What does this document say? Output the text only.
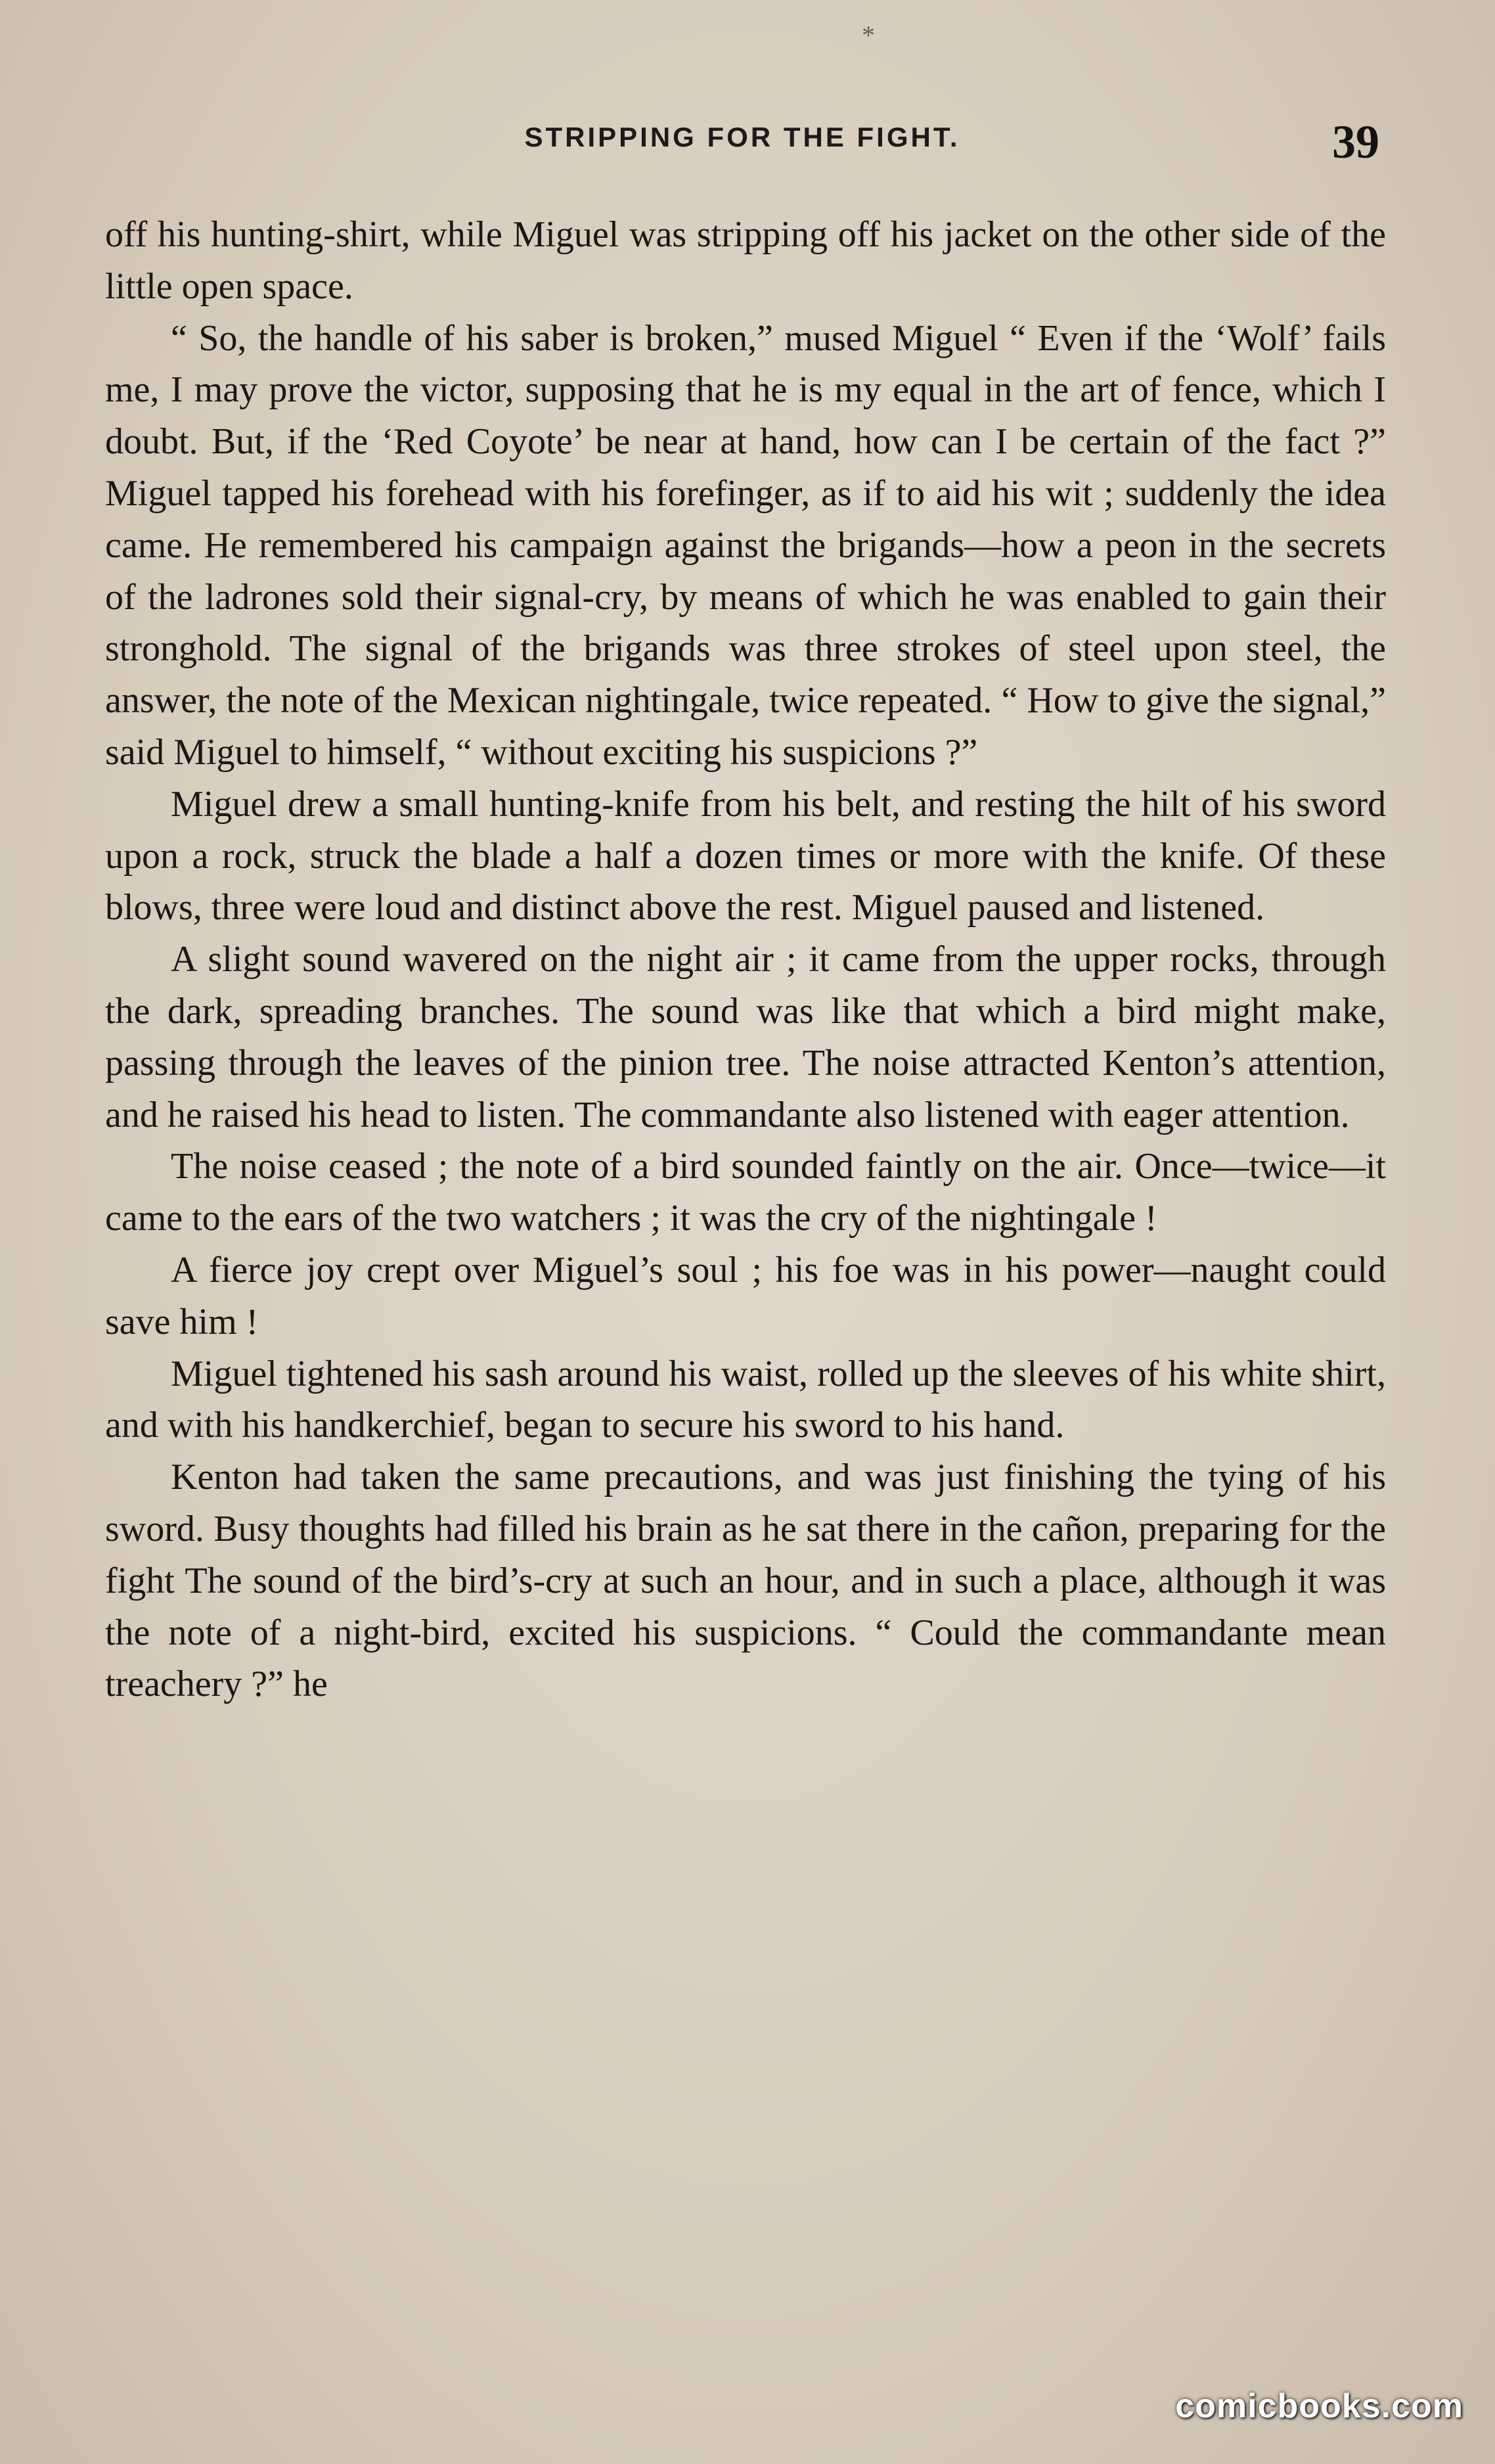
*
STRIPPING FOR THE FIGHT.	39

off his hunting-shirt, while Miguel was stripping off his jacket on the other side of the little open space.

“ So, the handle of his saber is broken,” mused Miguel “ Even if the ‘Wolf’ fails me, I may prove the victor, supposing that he is my equal in the art of fence, which I doubt. But, if the ‘Red Coyote’ be near at hand, how can I be certain of the fact ?” Miguel tapped his forehead with his forefinger, as if to aid his wit ; suddenly the idea came. He remembered his campaign against the brigands—how a peon in the secrets of the ladrones sold their signal-cry, by means of which he was enabled to gain their stronghold. The signal of the brigands was three strokes of steel upon steel, the answer, the note of the Mexican nightingale, twice repeated. “ How to give the signal,” said Miguel to himself, “ without exciting his suspicions ?”

Miguel drew a small hunting-knife from his belt, and resting the hilt of his sword upon a rock, struck the blade a half a dozen times or more with the knife. Of these blows, three were loud and distinct above the rest. Miguel paused and listened.

A slight sound wavered on the night air ; it came from the upper rocks, through the dark, spreading branches. The sound was like that which a bird might make, passing through the leaves of the pinion tree. The noise attracted Kenton’s attention, and he raised his head to listen. The commandante also listened with eager attention.

The noise ceased ; the note of a bird sounded faintly on the air. Once—twice—it came to the ears of the two watchers ; it was the cry of the nightingale !

A fierce joy crept over Miguel’s soul ; his foe was in his power—naught could save him !

Miguel tightened his sash around his waist, rolled up the sleeves of his white shirt, and with his handkerchief, began to secure his sword to his hand.

Kenton had taken the same precautions, and was just finishing the tying of his sword. Busy thoughts had filled his brain as he sat there in the cañon, preparing for the fight The sound of the bird’s-cry at such an hour, and in such a place, although it was the note of a night-bird, excited his suspicions. “ Could the commandante mean treachery ?” he

comicbooks.com
